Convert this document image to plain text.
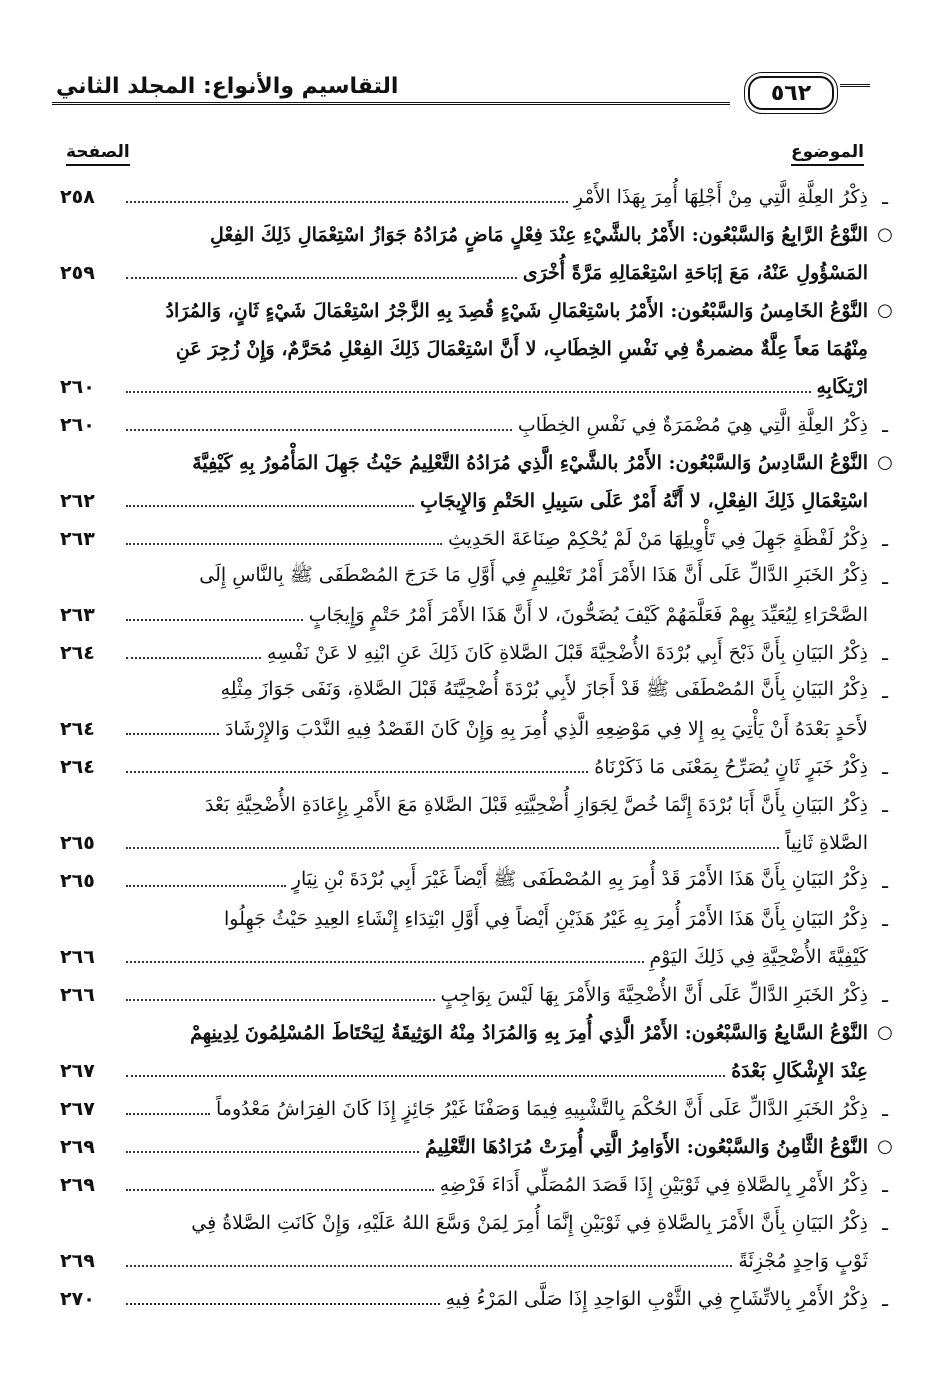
التقاسيم والأنواع: المجلد الثاني	٥٦٢
الموضوع
الصفحة
ـ
ذِكْرُ العِلَّةِ الَّتِي مِنْ أَجْلِهَا أُمِرَ بِهَذَا الأَمْرِ
٢٥٨
○
النَّوْعُ الرَّابِعُ وَالسَّبْعُون: الأَمْرُ بالشَّيْءِ عِنْدَ فِعْلٍ مَاضٍ مُرَادُهُ جَوَازُ اسْتِعْمَالِ ذَلِكَ الفِعْلِ
المَسْؤُولِ عَنْهُ، مَعَ إبَاحَةِ اسْتِعْمَالِهِ مَرَّةً أُخْرَى
٢٥٩
○
النَّوْعُ الخَامِسُ وَالسَّبْعُون: الأَمْرُ باسْتِعْمَالِ شَيْءٍ قُصِدَ بِهِ الزَّجْرُ اسْتِعْمَالَ شَيْءٍ ثَانٍ، وَالمُرَادُ
مِنْهُمَا مَعاً عِلَّةٌ مضمرةٌ فِي نَفْسِ الخِطَابِ، لا أَنَّ اسْتِعْمَالَ ذَلِكَ الفِعْلِ مُحَرَّمٌ، وَإِنْ زُجِرَ عَنِ
ارْتِكَابِهِ
٢٦٠
ـ
ذِكْرُ العِلَّةِ الَّتِي هِيَ مُضْمَرَةٌ فِي نَفْسِ الخِطَابِ
٢٦٠
○
النَّوْعُ السَّادِسُ وَالسَّبْعُون: الأَمْرُ بالشَّيْءِ الَّذِي مُرَادُهُ التَّعْلِيمُ حَيْثُ جَهِلَ المَأْمُورُ بِهِ كَيْفِيَّةَ
اسْتِعْمَالِ ذَلِكَ الفِعْلِ، لا أَنَّهُ أَمْرٌ عَلَى سَبِيلِ الحَتْمِ وَالإِيجَابِ
٢٦٢
ـ
ذِكْرُ لَفْظَةٍ جَهِلَ فِي تَأْوِيلِهَا مَنْ لَمْ يُحْكِمْ صِنَاعَةَ الحَدِيثِ
٢٦٣
ـ
ذِكْرُ الخَبَرِ الدَّالِّ عَلَى أَنَّ هَذَا الأَمْرَ أَمْرُ تَعْلِيمٍ فِي أَوَّلِ مَا خَرَجَ المُصْطَفَى ﷺ بِالنَّاسِ إِلَى
الصَّحْرَاءِ لِيُعَيِّدَ بِهِمْ فَعَلَّمَهُمْ كَيْفَ يُضَحُّونَ، لا أَنَّ هَذَا الأَمْرَ أَمْرُ حَتْمٍ وَإِيجَابٍ
٢٦٣
ـ
ذِكْرُ البَيَانِ بِأَنَّ ذَبْحَ أَبِي بُرْدَةَ الأُضْحِيَّةَ قَبْلَ الصَّلاةِ كَانَ ذَلِكَ عَنِ ابْنِهِ لا عَنْ نَفْسِهِ
٢٦٤
ـ
ذِكْرُ البَيَانِ بِأَنَّ المُصْطَفَى ﷺ قَدْ أَجَازَ لأَبِي بُرْدَةَ أُضْحِيَّتَهُ قَبْلَ الصَّلاةِ، وَنَفَى جَوَازَ مِثْلِهِ
لأَحَدٍ بَعْدَهُ أَنْ يَأْتِيَ بِهِ إِلا فِي مَوْضِعِهِ الَّذِي أُمِرَ بِهِ وَإِنْ كَانَ القَصْدُ فِيهِ النَّدْبَ وَالإِرْشَادَ
٢٦٤
ـ
ذِكْرُ خَبَرٍ ثَانٍ يُصَرِّحُ بِمَعْنَى مَا ذَكَرْنَاهُ
٢٦٤
ـ
ذِكْرُ البَيَانِ بِأَنَّ أَبَا بُرْدَةَ إِنَّمَا خُصَّ لِجَوَازِ أُضْحِيَّتِهِ قَبْلَ الصَّلاةِ مَعَ الأَمْرِ بِإِعَادَةِ الأُضْحِيَّةِ بَعْدَ
الصَّلاةِ ثَانِياً
٢٦٥
ـ
ذِكْرُ البَيَانِ بِأَنَّ هَذَا الأَمْرَ قَدْ أُمِرَ بِهِ المُصْطَفَى ﷺ أَيْضاً غَيْرَ أَبِي بُرْدَةَ بْنِ نِيَارٍ
٢٦٥
ـ
ذِكْرُ البَيَانِ بِأَنَّ هَذَا الأَمْرَ أُمِرَ بِهِ غَيْرُ هَذَيْنِ أَيْضاً فِي أَوَّلِ ابْتِدَاءِ إِنْشَاءِ العِيدِ حَيْثُ جَهِلُوا
كَيْفِيَّةَ الأُضْحِيَّةِ فِي ذَلِكَ اليَوْمِ
٢٦٦
ـ
ذِكْرُ الخَبَرِ الدَّالِّ عَلَى أَنَّ الأُضْحِيَّةَ وَالأَمْرَ بِهَا لَيْسَ بِوَاجِبٍ
٢٦٦
○
النَّوْعُ السَّابِعُ وَالسَّبْعُون: الأَمْرُ الَّذِي أُمِرَ بِهِ وَالمُرَادُ مِنْهُ الوَثِيقَةُ لِيَحْتَاطَ المُسْلِمُونَ لِدِينِهِمْ
عِنْدَ الإِشْكَالِ بَعْدَهُ
٢٦٧
ـ
ذِكْرُ الخَبَرِ الدَّالِّ عَلَى أَنَّ الحُكْمَ بِالتَّشْبِيهِ فِيمَا وَصَفْنَا غَيْرُ جَائِزٍ إِذَا كَانَ الفِرَاشُ مَعْدُوماً
٢٦٧
○
النَّوْعُ الثَّامِنُ وَالسَّبْعُون: الأَوَامِرُ الَّتِي أُمِرَتْ مُرَادُهَا التَّعْلِيمُ
٢٦٩
ـ
ذِكْرُ الأَمْرِ بِالصَّلاةِ فِي ثَوْبَيْنِ إِذَا قَصَدَ المُصَلِّي أَدَاءَ فَرْضِهِ
٢٦٩
ـ
ذِكْرُ البَيَانِ بِأَنَّ الأَمْرَ بِالصَّلاةِ فِي ثَوْبَيْنِ إِنَّمَا أُمِرَ لِمَنْ وَسَّعَ اللهُ عَلَيْهِ، وَإِنْ كَانَتِ الصَّلاةُ فِي
ثَوْبٍ وَاحِدٍ مُجْزِئَةً
٢٦٩
ـ
ذِكْرُ الأَمْرِ بِالاتِّشَاحِ فِي الثَّوْبِ الوَاحِدِ إِذَا صَلَّى المَرْءُ فِيهِ
٢٧٠
